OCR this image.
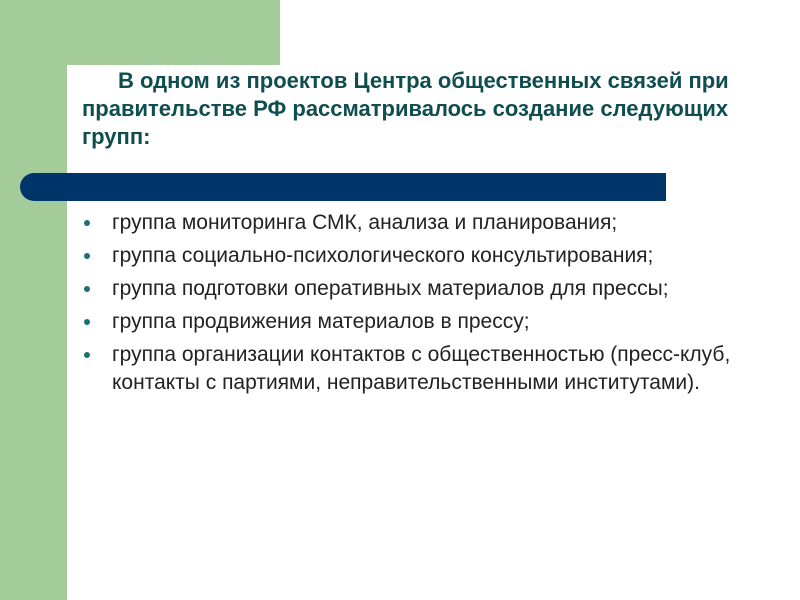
В одном из проектов Центра общественных связей при правительстве РФ рассматривалось создание следующих групп:

группа мониторинга СМК, анализа и планирования;
группа социально-психологического консультирования;
группа подготовки оперативных материалов для прессы;
группа продвижения материалов в прессу;
группа организации контактов с общественностью (пресс-клуб, контакты с партиями, неправительственными институтами).
